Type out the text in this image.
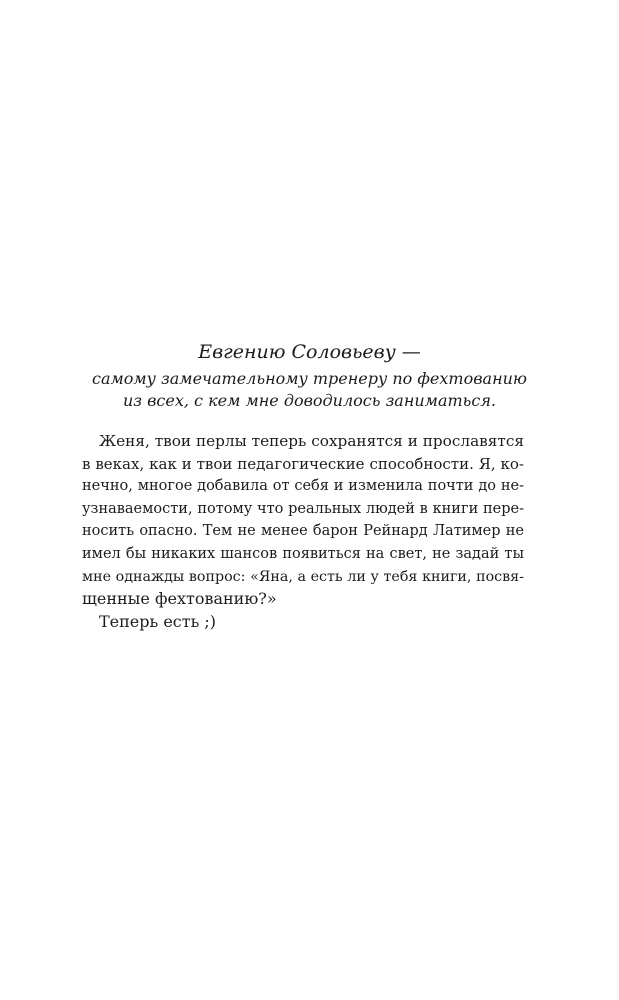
Евгению Соловьеву —
самому замечательному тренеру по фехтованию
из всех, с кем мне доводилось заниматься.
Женя, твои перлы теперь сохранятся и прославятся
в веках, как и твои педагогические способности. Я, ко-
нечно, многое добавила от себя и изменила почти до не-
узнаваемости, потому что реальных людей в книги пере-
носить опасно. Тем не менее барон Рейнард Латимер не
имел бы никаких шансов появиться на свет, не задай ты
мне однажды вопрос: «Яна, а есть ли у тебя книги, посвя-
щенные фехтованию?»
Теперь есть ;)
